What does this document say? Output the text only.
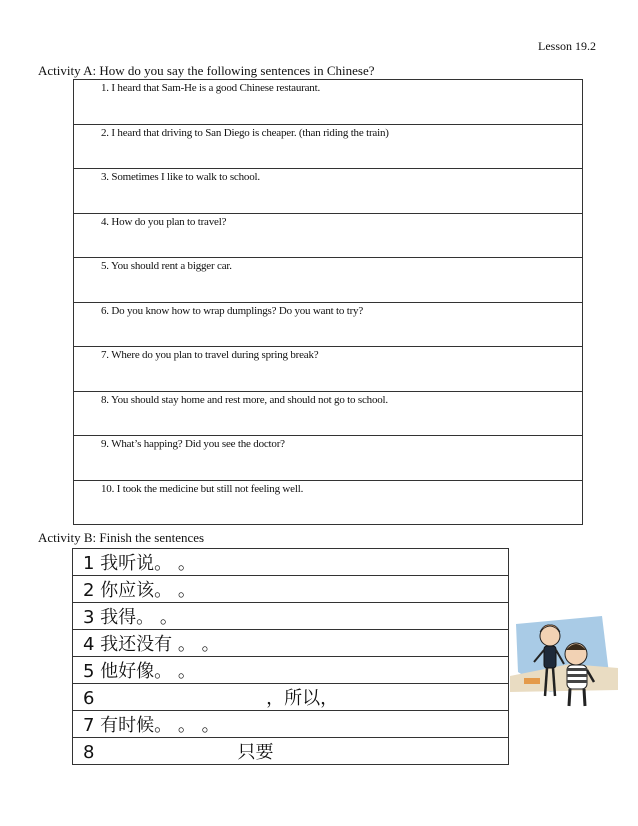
Lesson 19.2
Activity A: How do you say the following sentences in Chinese?
1. I heard that Sam-He is a good Chinese restaurant.
2. I heard that driving to San Diego is cheaper. (than riding the train)
3. Sometimes I like to walk to school.
4. How do you plan to travel?
5. You should rent a bigger car.
6. Do you know how to wrap dumplings? Do you want to try?
7. Where do you plan to travel during spring break?
8. You should stay home and rest more, and should not go to school.
9. What’s happing? Did you see the doctor?
10. I took the medicine but still not feeling well.
Activity B: Finish the sentences
1 我听说。 。
2 你应该。 。
3 我得。 。
4 我还没有 。 。
5 他好像。 。
6                              ，所以，
7 有时候。 。 。
8                         只要
